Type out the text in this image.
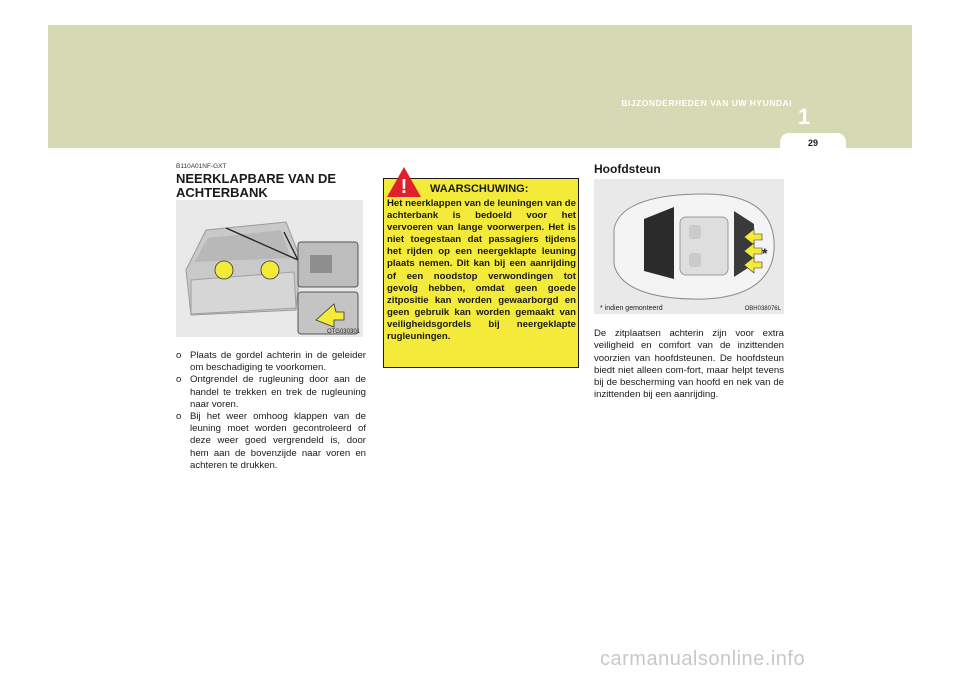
BIJZONDERHEDEN VAN UW HYUNDAI
1
29
B110A01NF-GXT
NEERKLAPBARE VAN DE ACHTERBANK
OTG030301
o Plaats de gordel achterin in de geleider om beschadiging te voorkomen.
o Ontgrendel de rugleuning door aan de handel te trekken en trek de rugleuning naar voren.
o Bij het weer omhoog klappen van de leuning moet worden gecontroleerd of deze weer goed vergrendeld is, door hem aan de bovenzijde naar voren en achteren te drukken.
! WAARSCHUWING:
Het neerklappen van de leuningen van de achterbank is bedoeld voor het vervoeren van lange voorwerpen. Het is niet toegestaan dat passagiers tijdens het rijden op een neergeklapte leuning plaats nemen. Dit kan bij een aanrijding of een noodstop verwondingen tot gevolg hebben, omdat geen goede zitpositie kan worden gewaarborgd en geen gebruik kan worden gemaakt van veiligheidsgordels bij neergeklapte rugleuningen.
Hoofdsteun
*
* indien gemonteerd	OBH038076L

De zitplaatsen achterin zijn voor extra veiligheid en comfort van de inzittenden voorzien van hoofdsteunen. De hoofdsteun biedt niet alleen com-fort, maar helpt tevens bij de bescherming van hoofd en nek van de inzittenden bij een aanrijding.

carmanualsonline.info
